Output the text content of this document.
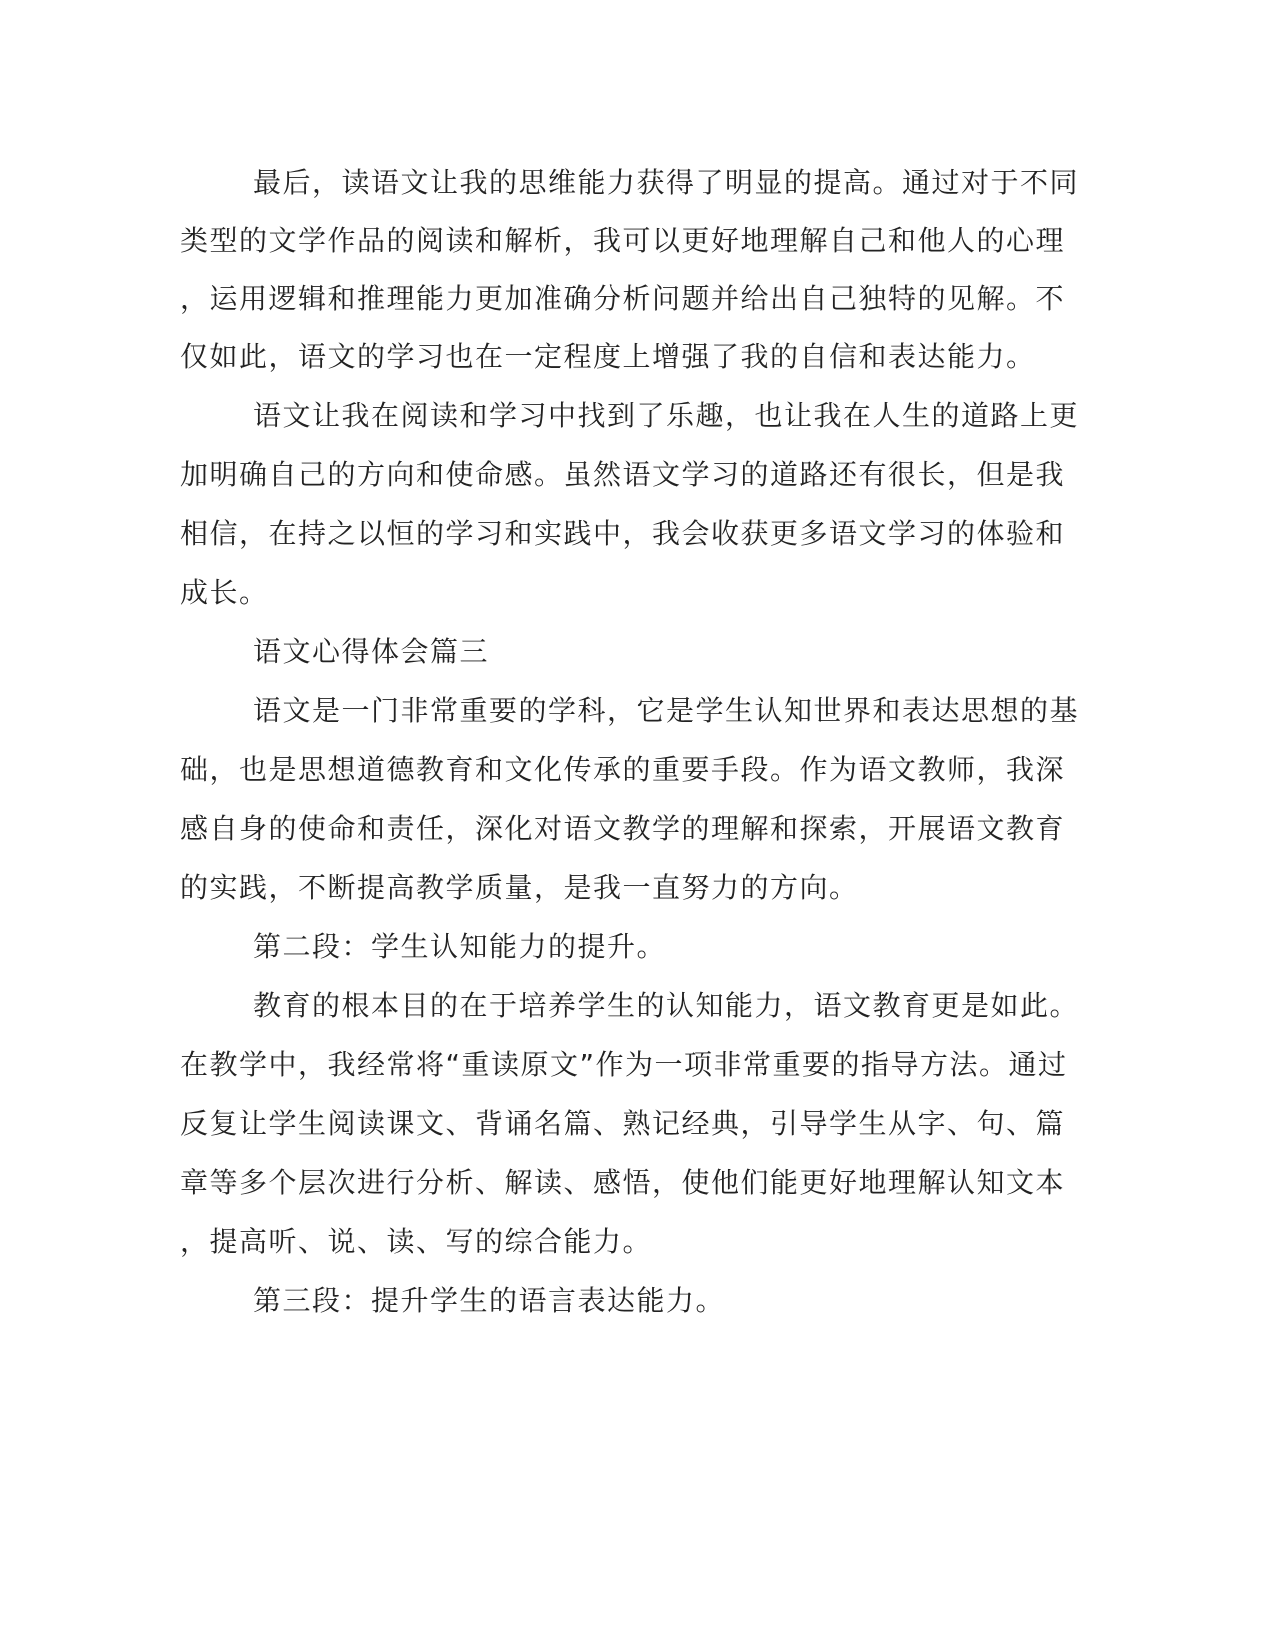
最后，读语文让我的思维能力获得了明显的提高。通过对于不同
类型的文学作品的阅读和解析，我可以更好地理解自己和他人的心理
，运用逻辑和推理能力更加准确分析问题并给出自己独特的见解。不
仅如此，语文的学习也在一定程度上增强了我的自信和表达能力。
语文让我在阅读和学习中找到了乐趣，也让我在人生的道路上更
加明确自己的方向和使命感。虽然语文学习的道路还有很长，但是我
相信，在持之以恒的学习和实践中，我会收获更多语文学习的体验和
成长。
语文心得体会篇三
语文是一门非常重要的学科，它是学生认知世界和表达思想的基
础，也是思想道德教育和文化传承的重要手段。作为语文教师，我深
感自身的使命和责任，深化对语文教学的理解和探索，开展语文教育
的实践，不断提高教学质量，是我一直努力的方向。
第二段：学生认知能力的提升。
教育的根本目的在于培养学生的认知能力，语文教育更是如此。
在教学中，我经常将“重读原文”作为一项非常重要的指导方法。通过
反复让学生阅读课文、背诵名篇、熟记经典，引导学生从字、句、篇
章等多个层次进行分析、解读、感悟，使他们能更好地理解认知文本
，提高听、说、读、写的综合能力。
第三段：提升学生的语言表达能力。
